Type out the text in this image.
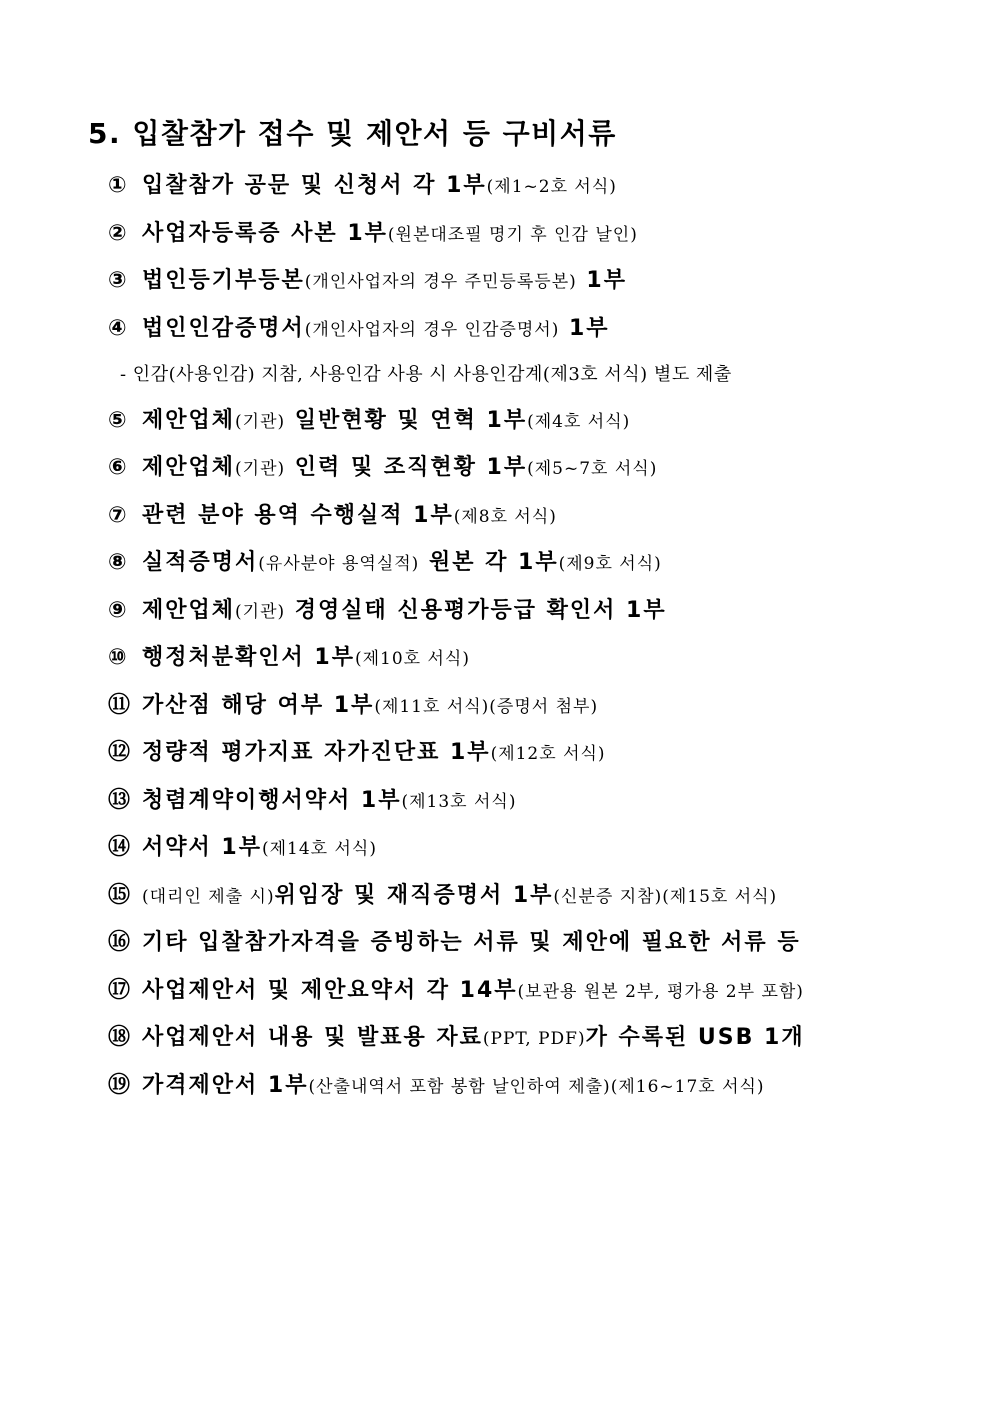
5. 입찰참가 접수 및 제안서 등 구비서류
① 입찰참가 공문 및 신청서 각 1부(제1~2호 서식)
② 사업자등록증 사본 1부(원본대조필 명기 후 인감 날인)
③ 법인등기부등본(개인사업자의 경우 주민등록등본) 1부
④ 법인인감증명서(개인사업자의 경우 인감증명서) 1부
- 인감(사용인감) 지참, 사용인감 사용 시 사용인감계(제3호 서식) 별도 제출
⑤ 제안업체(기관) 일반현황 및 연혁 1부(제4호 서식)
⑥ 제안업체(기관) 인력 및 조직현황 1부(제5~7호 서식)
⑦ 관련 분야 용역 수행실적 1부(제8호 서식)
⑧ 실적증명서(유사분야 용역실적) 원본 각 1부(제9호 서식)
⑨ 제안업체(기관) 경영실태 신용평가등급 확인서 1부
⑩ 행정처분확인서 1부(제10호 서식)
⑪ 가산점 해당 여부 1부(제11호 서식)(증명서 첨부)
⑫ 정량적 평가지표 자가진단표 1부(제12호 서식)
⑬ 청렴계약이행서약서 1부(제13호 서식)
⑭ 서약서 1부(제14호 서식)
⑮ (대리인 제출 시)위임장 및 재직증명서 1부(신분증 지참)(제15호 서식)
⑯ 기타 입찰참가자격을 증빙하는 서류 및 제안에 필요한 서류 등
⑰ 사업제안서 및 제안요약서 각 14부(보관용 원본 2부, 평가용 2부 포함)
⑱ 사업제안서 내용 및 발표용 자료(PPT, PDF)가 수록된 USB 1개
⑲ 가격제안서 1부(산출내역서 포함 봉함 날인하여 제출)(제16~17호 서식)
